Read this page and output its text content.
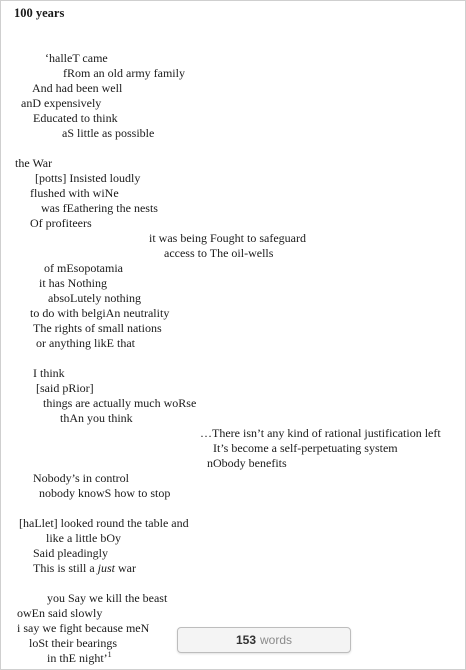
100 years
‘halleT came
fRom an old army family
And had been well
anD expensively
Educated to think
aS little as possible
the War
[potts] Insisted loudly
flushed with wiNe
was fEathering the nests
Of profiteers
it was being Fought to safeguard
access to The oil-wells
of mEsopotamia
it has Nothing
absoLutely nothing
to do with belgiAn neutrality
The rights of small nations
or anything likE that
I think
[said pRior]
things are actually much woRse
thAn you think
…There isn’t any kind of rational justification left
It’s become a self-perpetuating system
nObody benefits
Nobody’s in control
nobody knowS how to stop
[haLlet] looked round the table and
like a little bOy
Said pleadingly
This is still a just war
you Say we kill the beast
owEn said slowly
i say we fight because meN
loSt their bearings
in thE night’$^1$
153 words
